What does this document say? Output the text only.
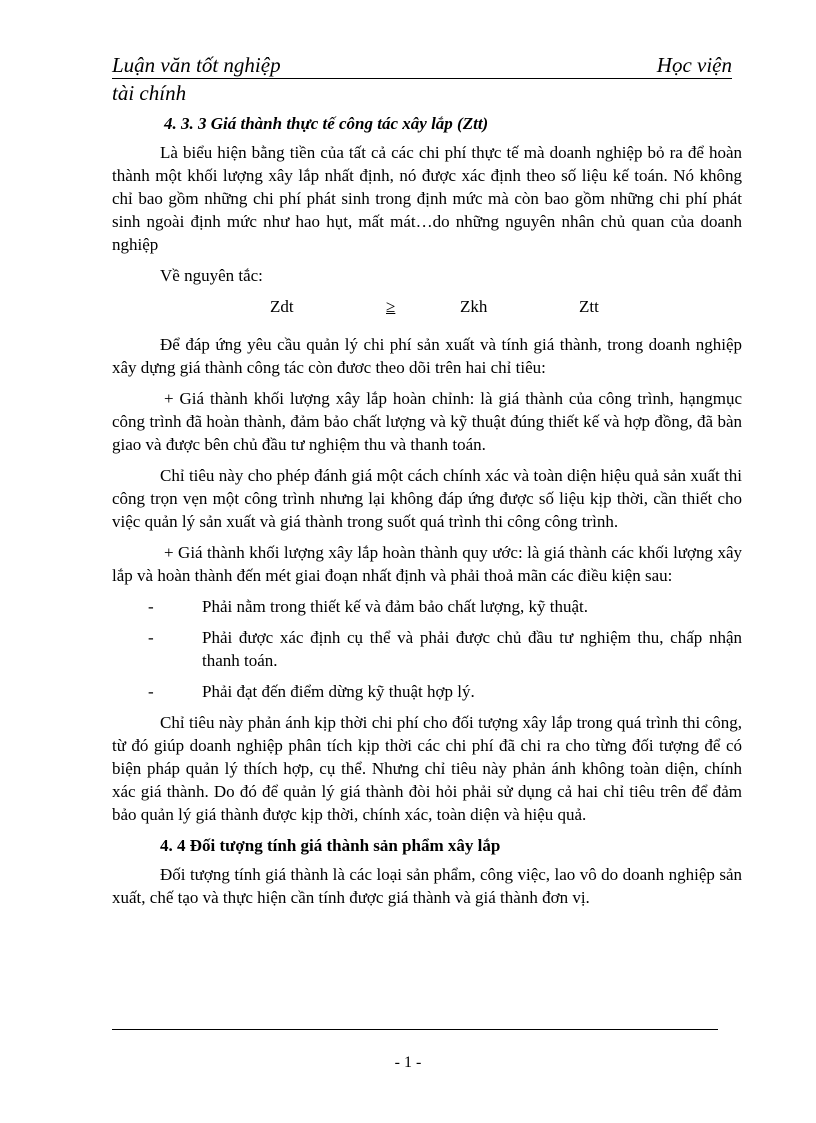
Luận văn tốt nghiệp	Học viện
tài chính
4. 3. 3 Giá thành thực tế công tác xây lắp (Ztt)

Là biểu hiện bằng tiền của tất cả các chi phí thực tế mà doanh nghiệp bỏ ra để hoàn thành một khối lượng xây lắp nhất định, nó được xác định theo số liệu kế toán. Nó không chỉ bao gồm những chi phí phát sinh trong định mức mà còn bao gồm những chi phí phát sinh ngoài định mức như hao hụt, mất mát…do những nguyên nhân chủ quan của doanh nghiệp

Về nguyên tắc:

Zdt	≥	Zkh	Ztt

Để đáp ứng yêu cầu quản lý chi phí sản xuất và tính giá thành, trong doanh nghiệp xây dựng giá thành công tác còn đươc theo dõi trên hai chỉ tiêu:

+ Giá thành khối lượng xây lắp hoàn chỉnh: là giá thành của công trình, hạngmục công trình đã hoàn thành, đảm bảo chất lượng và kỹ thuật đúng thiết kế và hợp đồng, đã bàn giao và được bên chủ đầu tư nghiệm thu và thanh toán.

Chỉ tiêu này cho phép đánh giá một cách chính xác và toàn diện hiệu quả sản xuất thi công trọn vẹn một công trình nhưng lại không đáp ứng được số liệu kịp thời, cần thiết cho việc quản lý sản xuất và giá thành trong suốt quá trình thi công công trình.

+ Giá thành khối lượng xây lắp hoàn thành quy ước: là giá thành các khối lượng xây lắp và hoàn thành đến mét giai đoạn nhất định và phải thoả mãn các điều kiện sau:

-	Phải nằm trong thiết kế và đảm bảo chất lượng, kỹ thuật.
-	Phải được xác định cụ thể và phải được chủ đầu tư nghiệm thu, chấp nhận thanh toán.
-	Phải đạt đến điểm dừng kỹ thuật hợp lý.

Chỉ tiêu này phản ánh kịp thời chi phí cho đối tượng xây lắp trong quá trình thi công, từ đó giúp doanh nghiệp phân tích kịp thời các chi phí đã chi ra cho từng đối tượng để có biện pháp quản lý thích hợp, cụ thể. Nhưng chỉ tiêu này phản ánh không toàn diện, chính xác giá thành. Do đó để quản lý giá thành đòi hỏi phải sử dụng cả hai chỉ tiêu trên để đảm bảo quản lý giá thành được kịp thời, chính xác, toàn diện và hiệu quả.

4. 4 Đối tượng tính giá thành sản phẩm xây lắp

Đối tượng tính giá thành là các loại sản phẩm, công việc, lao vô do doanh nghiệp sản xuất, chế tạo và thực hiện cần tính được giá thành và giá thành đơn vị.

- 1 -
